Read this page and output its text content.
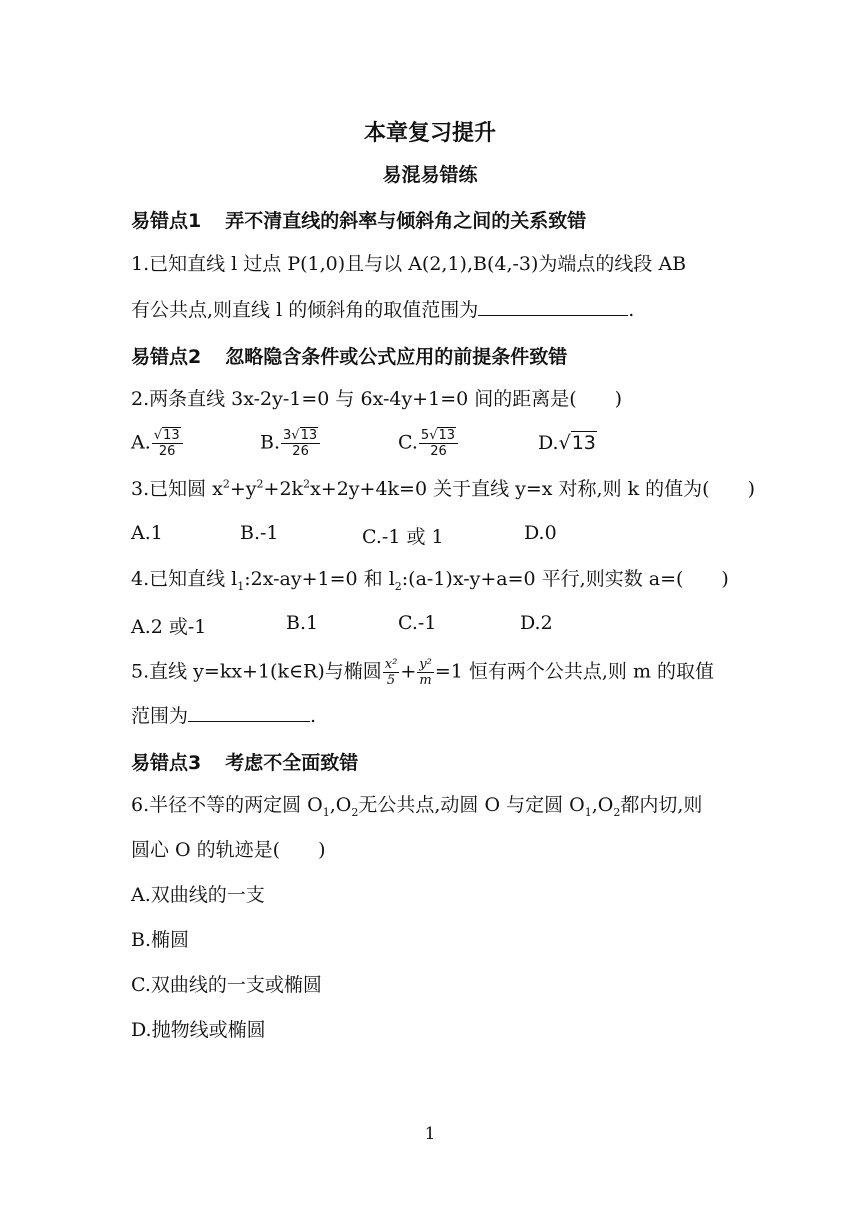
本章复习提升
易混易错练
易错点1 弄不清直线的斜率与倾斜角之间的关系致错
1.已知直线 l 过点 P(1,0)且与以 A(2,1),B(4,-3)为端点的线段 AB
有公共点,则直线 l 的倾斜角的取值范围为	.
易错点2 忽略隐含条件或公式应用的前提条件致错
2.两条直线 3x-2y-1=0 与 6x-4y+1=0 间的距离是(　　)
A. $\frac{√13}{26}$	B. $\frac{3√13}{26}$	C. $\frac{5√13}{26}$	D.√13
3.已知圆 $x^2+y^2+2k^2x+2y+4k=0$ 关于直线 y=x 对称,则 k 的值为(　　)
A.1	B.-1	C.-1 或 1	D.0
4.已知直线 $l_1:2x-ay+1=0$ 和 $l_2:(a-1)x-y+a=0$ 平行,则实数 a=(　　)
A.2 或-1	B.1	C.-1	D.2
5.直线 y=kx+1(k∈R)与椭圆 $\frac{\text{x²}}{5} + \frac{\text{y²}}{m} =1$ 恒有两个公共点,则 m 的取值
范围为	.
易错点3 考虑不全面致错
6.半径不等的两定圆 $O_1,O_2$无公共点,动圆 O 与定圆 $O_1,O_2$都内切,则
圆心 O 的轨迹是(　　)
A.双曲线的一支
B.椭圆
C.双曲线的一支或椭圆
D.抛物线或椭圆
1
